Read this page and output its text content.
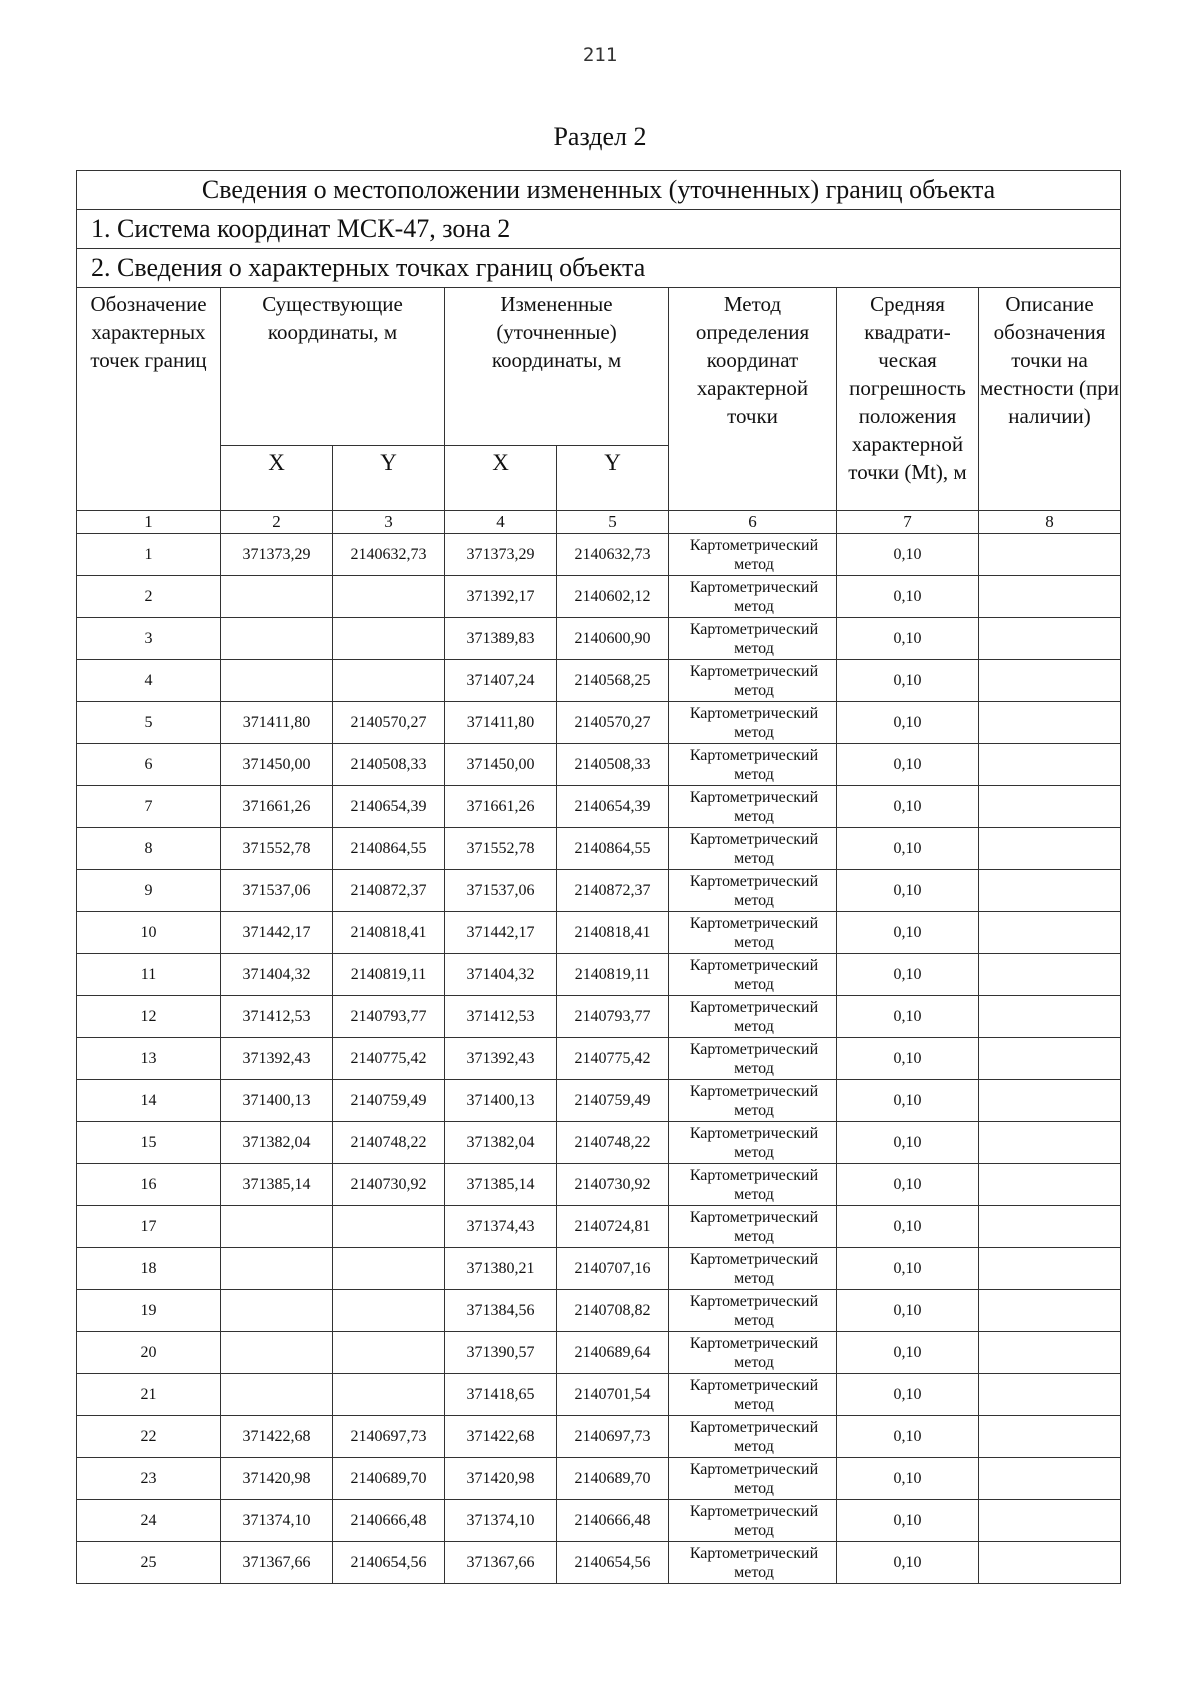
211
Раздел 2
Сведения о местоположении измененных (уточненных) границ объекта							
1. Система координат МСК-47, зона 2							
2. Сведения о характерных точках границ объекта							
Обозначение характерных точек границ	Существующие координаты, м		Измененные (уточненные) координаты, м		Метод определения координат характерной точки	Средняя квадрати-ческая погрешность положения характерной точки (Mt), м	Описание обозначения точки на местности (при наличии)
	X	Y	X	Y			
1	2	3	4	5	6	7	8
1	371373,29	2140632,73	371373,29	2140632,73	Картометрический метод	0,10	
2			371392,17	2140602,12	Картометрический метод	0,10	
3			371389,83	2140600,90	Картометрический метод	0,10	
4			371407,24	2140568,25	Картометрический метод	0,10	
5	371411,80	2140570,27	371411,80	2140570,27	Картометрический метод	0,10	
6	371450,00	2140508,33	371450,00	2140508,33	Картометрический метод	0,10	
7	371661,26	2140654,39	371661,26	2140654,39	Картометрический метод	0,10	
8	371552,78	2140864,55	371552,78	2140864,55	Картометрический метод	0,10	
9	371537,06	2140872,37	371537,06	2140872,37	Картометрический метод	0,10	
10	371442,17	2140818,41	371442,17	2140818,41	Картометрический метод	0,10	
11	371404,32	2140819,11	371404,32	2140819,11	Картометрический метод	0,10	
12	371412,53	2140793,77	371412,53	2140793,77	Картометрический метод	0,10	
13	371392,43	2140775,42	371392,43	2140775,42	Картометрический метод	0,10	
14	371400,13	2140759,49	371400,13	2140759,49	Картометрический метод	0,10	
15	371382,04	2140748,22	371382,04	2140748,22	Картометрический метод	0,10	
16	371385,14	2140730,92	371385,14	2140730,92	Картометрический метод	0,10	
17			371374,43	2140724,81	Картометрический метод	0,10	
18			371380,21	2140707,16	Картометрический метод	0,10	
19			371384,56	2140708,82	Картометрический метод	0,10	
20			371390,57	2140689,64	Картометрический метод	0,10	
21			371418,65	2140701,54	Картометрический метод	0,10	
22	371422,68	2140697,73	371422,68	2140697,73	Картометрический метод	0,10	
23	371420,98	2140689,70	371420,98	2140689,70	Картометрический метод	0,10	
24	371374,10	2140666,48	371374,10	2140666,48	Картометрический метод	0,10	
25	371367,66	2140654,56	371367,66	2140654,56	Картометрический метод	0,10	
